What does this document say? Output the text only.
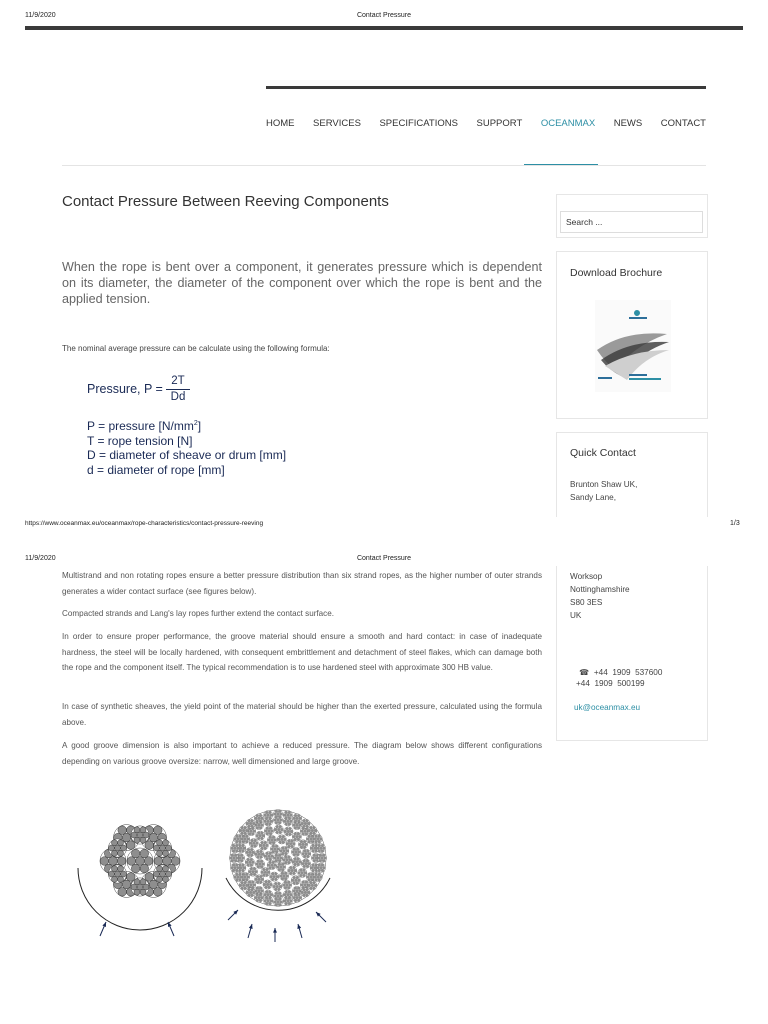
11/9/2020	Contact Pressure
HOME SERVICES SPECIFICATIONS SUPPORT OCEANMAX NEWS CONTACT
Contact Pressure Between Reeving Components
When the rope is bent over a component, it generates pressure which is dependent on its diameter, the diameter of the component over which the rope is bent and the applied tension.
The nominal average pressure can be calculate using the following formula:
Pressure, P =
2T
Dd
P = pressure $[N/mm^2]$
T = rope tension [N]
D = diameter of sheave or drum [mm]
d = diameter of rope [mm]
Search ...
Download Brochure
Quick Contact
Brunton Shaw UK,
Sandy Lane,
https://www.oceanmax.eu/oceanmax/rope-characteristics/contact-pressure-reeving	1/3
11/9/2020	Contact Pressure
Worksop
Nottinghamshire
S80 3ES
UK

☎ +44  1909  537600

+44  1909  500199
uk@oceanmax.eu
Multistrand and non rotating ropes ensure a better pressure distribution than six strand ropes, as the higher number of outer strands generates a wider contact surface (see figures below).
Compacted strands and Lang's lay ropes further extend the contact surface.
In order to ensure proper performance, the groove material should ensure a smooth and hard contact: in case of inadequate hardness, the steel will be locally hardened, with consequent embrittlement and detachment of steel flakes, which can damage both the rope and the component itself. The typical recommendation is to use hardened steel with approximate 300 HB value.
In case of synthetic sheaves, the yield point of the material should be higher than the exerted pressure, calculated using the formula above.
A good groove dimension is also important to achieve a reduced pressure. The diagram below shows different configurations depending on various groove oversize: narrow, well dimensioned and large groove.
